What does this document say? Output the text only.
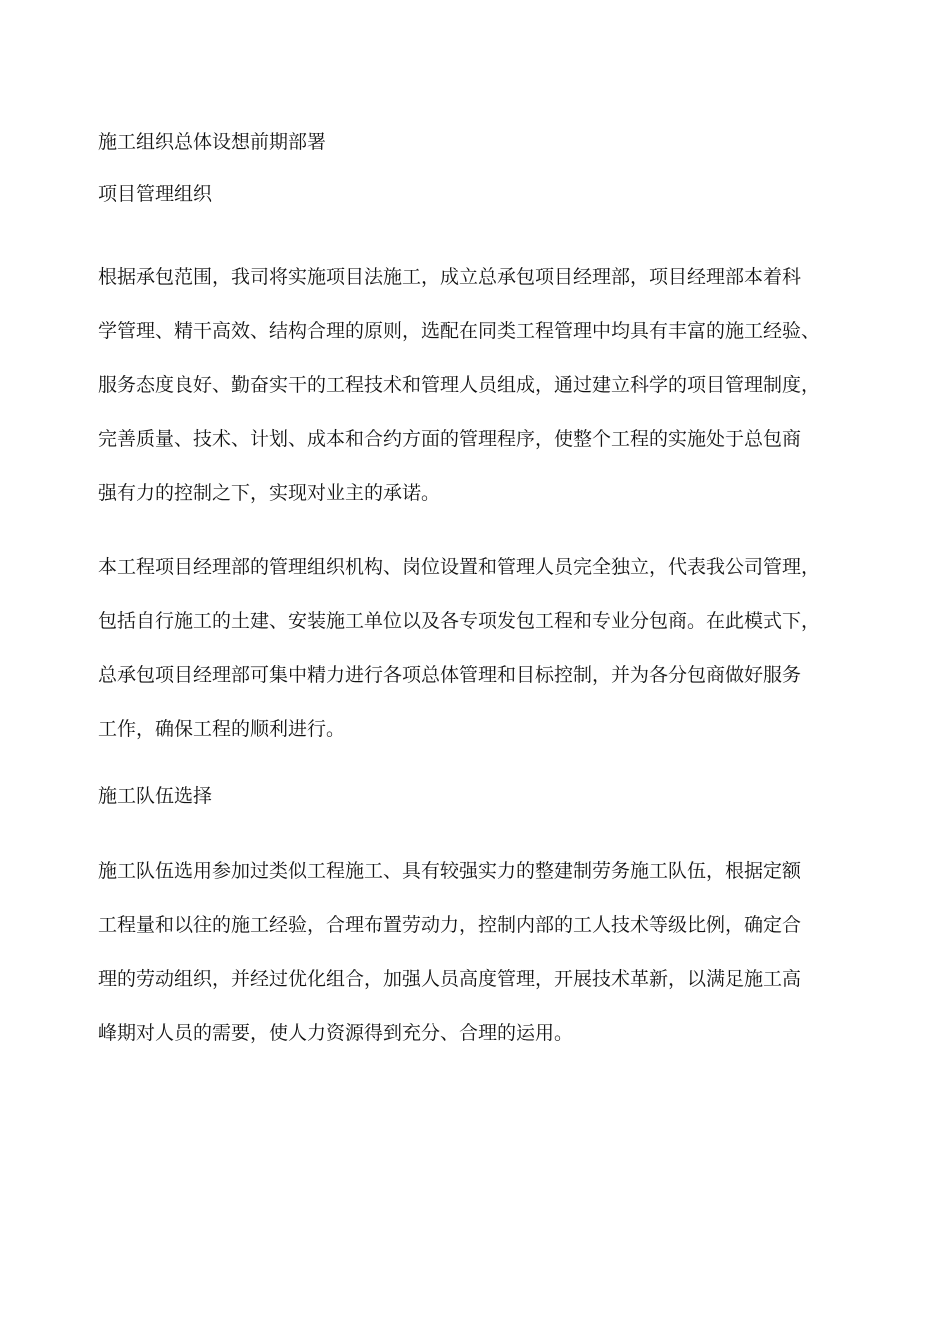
施工组织总体设想前期部署

项目管理组织

根据承包范围，我司将实施项目法施工，成立总承包项目经理部，项目经理部本着科
学管理、精干高效、结构合理的原则，选配在同类工程管理中均具有丰富的施工经验、
服务态度良好、勤奋实干的工程技术和管理人员组成，通过建立科学的项目管理制度，
完善质量、技术、计划、成本和合约方面的管理程序，使整个工程的实施处于总包商
强有力的控制之下，实现对业主的承诺。

本工程项目经理部的管理组织机构、岗位设置和管理人员完全独立，代表我公司管理，
包括自行施工的土建、安装施工单位以及各专项发包工程和专业分包商。在此模式下，
总承包项目经理部可集中精力进行各项总体管理和目标控制，并为各分包商做好服务
工作，确保工程的顺利进行。

施工队伍选择

施工队伍选用参加过类似工程施工、具有较强实力的整建制劳务施工队伍，根据定额
工程量和以往的施工经验，合理布置劳动力，控制内部的工人技术等级比例，确定合
理的劳动组织，并经过优化组合，加强人员高度管理，开展技术革新，以满足施工高
峰期对人员的需要，使人力资源得到充分、合理的运用。
